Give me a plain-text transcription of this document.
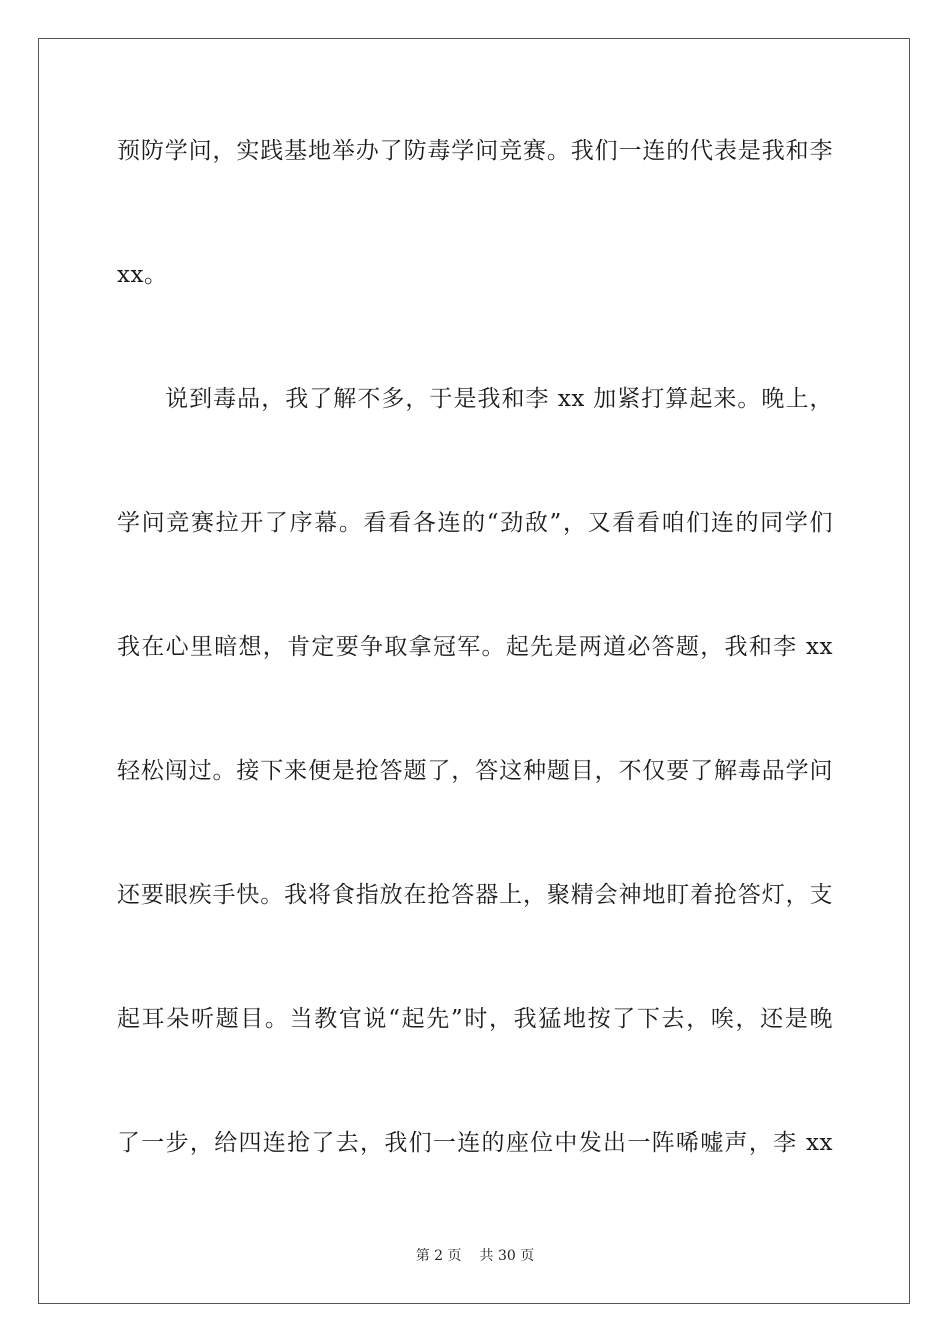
预防学问，实践基地举办了防毒学问竞赛。我们一连的代表是我和李
xx。
　　说到毒品，我了解不多，于是我和李 xx 加紧打算起来。晚上，
学问竞赛拉开了序幕。看看各连的“劲敌”，又看看咱们连的同学们
我在心里暗想，肯定要争取拿冠军。起先是两道必答题，我和李 xx
轻松闯过。接下来便是抢答题了，答这种题目，不仅要了解毒品学问
还要眼疾手快。我将食指放在抢答器上，聚精会神地盯着抢答灯，支
起耳朵听题目。当教官说“起先”时，我猛地按了下去，唉，还是晚
了一步，给四连抢了去，我们一连的座位中发出一阵唏嘘声，李 xx
第 2 页 共 30 页
